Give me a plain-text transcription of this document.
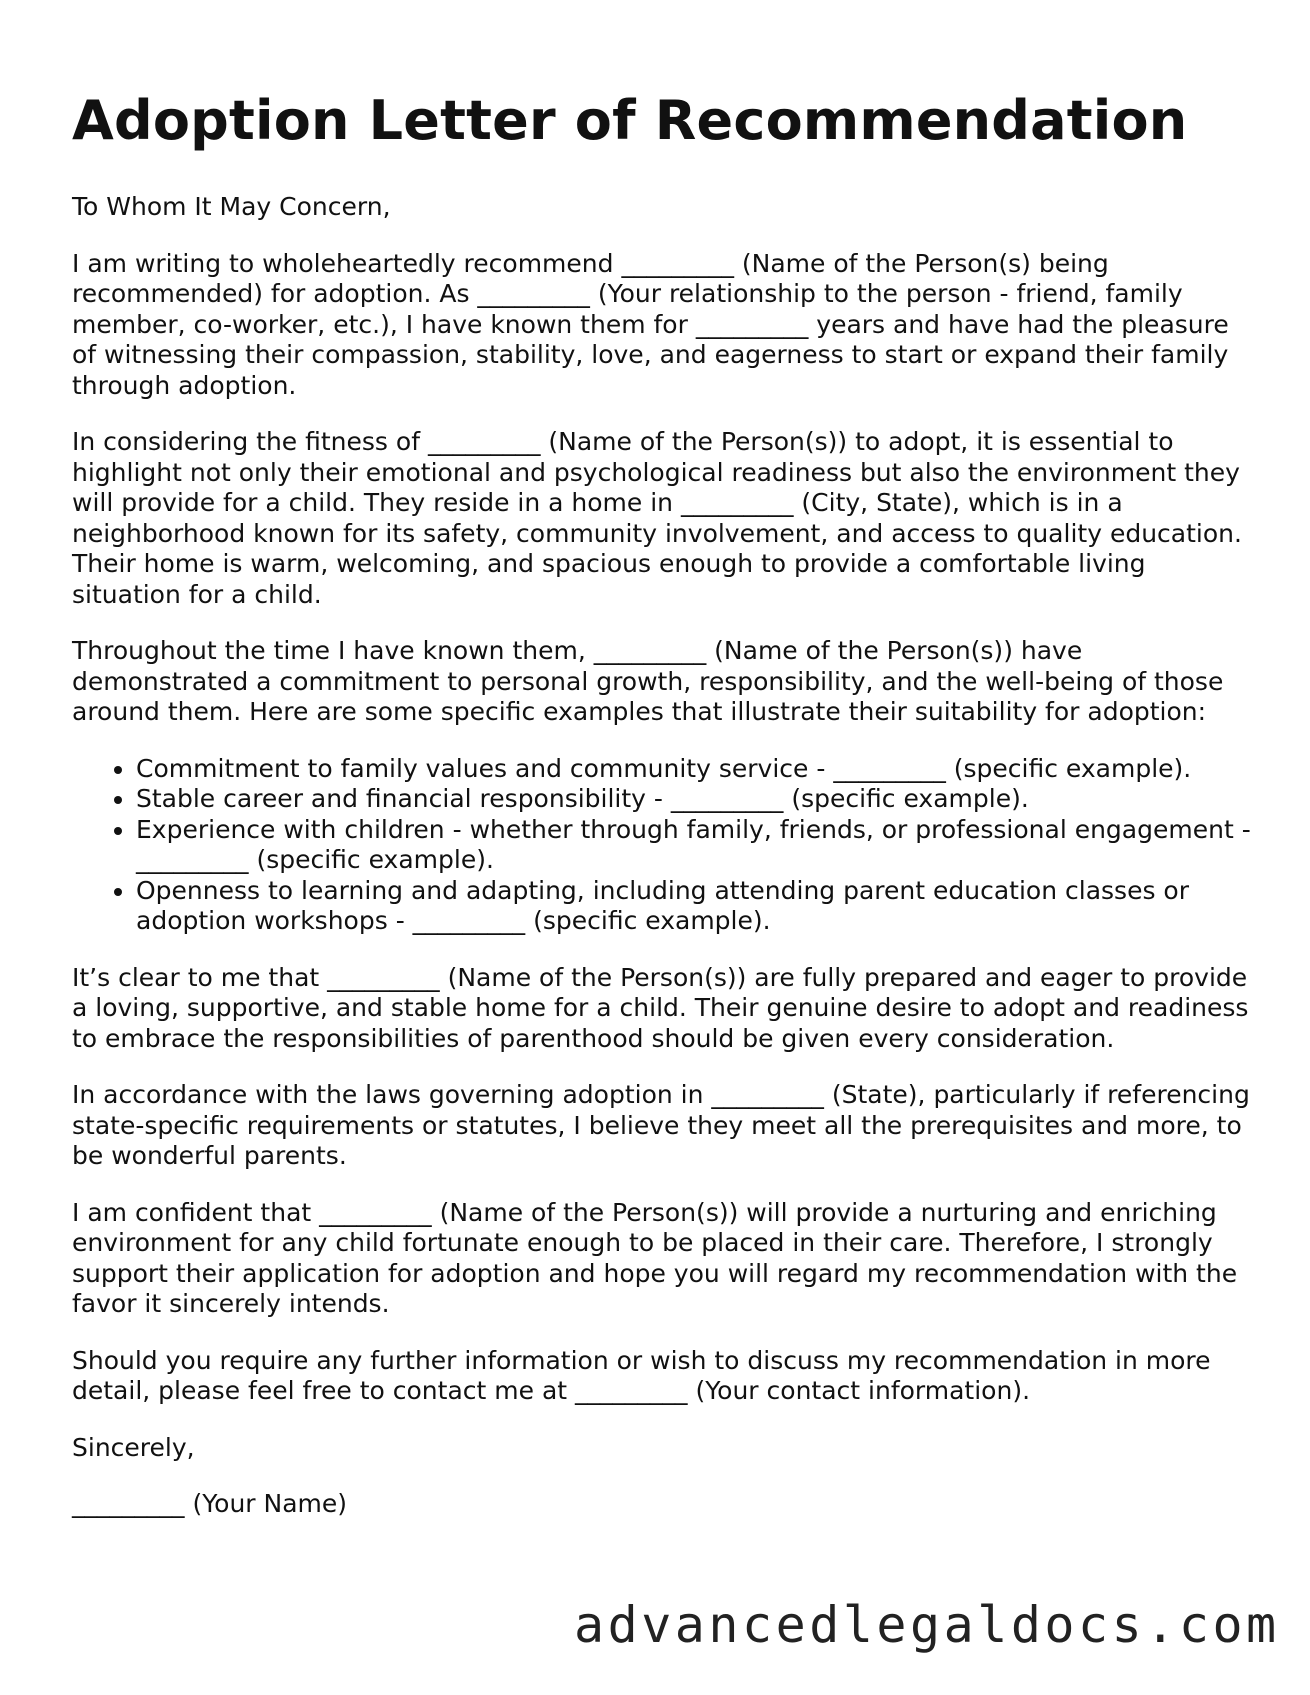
Adoption Letter of Recommendation

To Whom It May Concern,

I am writing to wholeheartedly recommend _________ (Name of the Person(s) being recommended) for adoption. As _________ (Your relationship to the person - friend, family member, co-worker, etc.), I have known them for _________ years and have had the pleasure of witnessing their compassion, stability, love, and eagerness to start or expand their family through adoption.

In considering the fitness of _________ (Name of the Person(s)) to adopt, it is essential to highlight not only their emotional and psychological readiness but also the environment they will provide for a child. They reside in a home in _________ (City, State), which is in a neighborhood known for its safety, community involvement, and access to quality education. Their home is warm, welcoming, and spacious enough to provide a comfortable living situation for a child.

Throughout the time I have known them, _________ (Name of the Person(s)) have demonstrated a commitment to personal growth, responsibility, and the well-being of those around them. Here are some specific examples that illustrate their suitability for adoption:

• Commitment to family values and community service - _________ (specific example).
• Stable career and financial responsibility - _________ (specific example).
• Experience with children - whether through family, friends, or professional engagement - _________ (specific example).
• Openness to learning and adapting, including attending parent education classes or adoption workshops - _________ (specific example).

It’s clear to me that _________ (Name of the Person(s)) are fully prepared and eager to provide a loving, supportive, and stable home for a child. Their genuine desire to adopt and readiness to embrace the responsibilities of parenthood should be given every consideration.

In accordance with the laws governing adoption in _________ (State), particularly if referencing state-specific requirements or statutes, I believe they meet all the prerequisites and more, to be wonderful parents.

I am confident that _________ (Name of the Person(s)) will provide a nurturing and enriching environment for any child fortunate enough to be placed in their care. Therefore, I strongly support their application for adoption and hope you will regard my recommendation with the favor it sincerely intends.

Should you require any further information or wish to discuss my recommendation in more detail, please feel free to contact me at _________ (Your contact information).

Sincerely,

_________ (Your Name)

advancedlegaldocs.com
